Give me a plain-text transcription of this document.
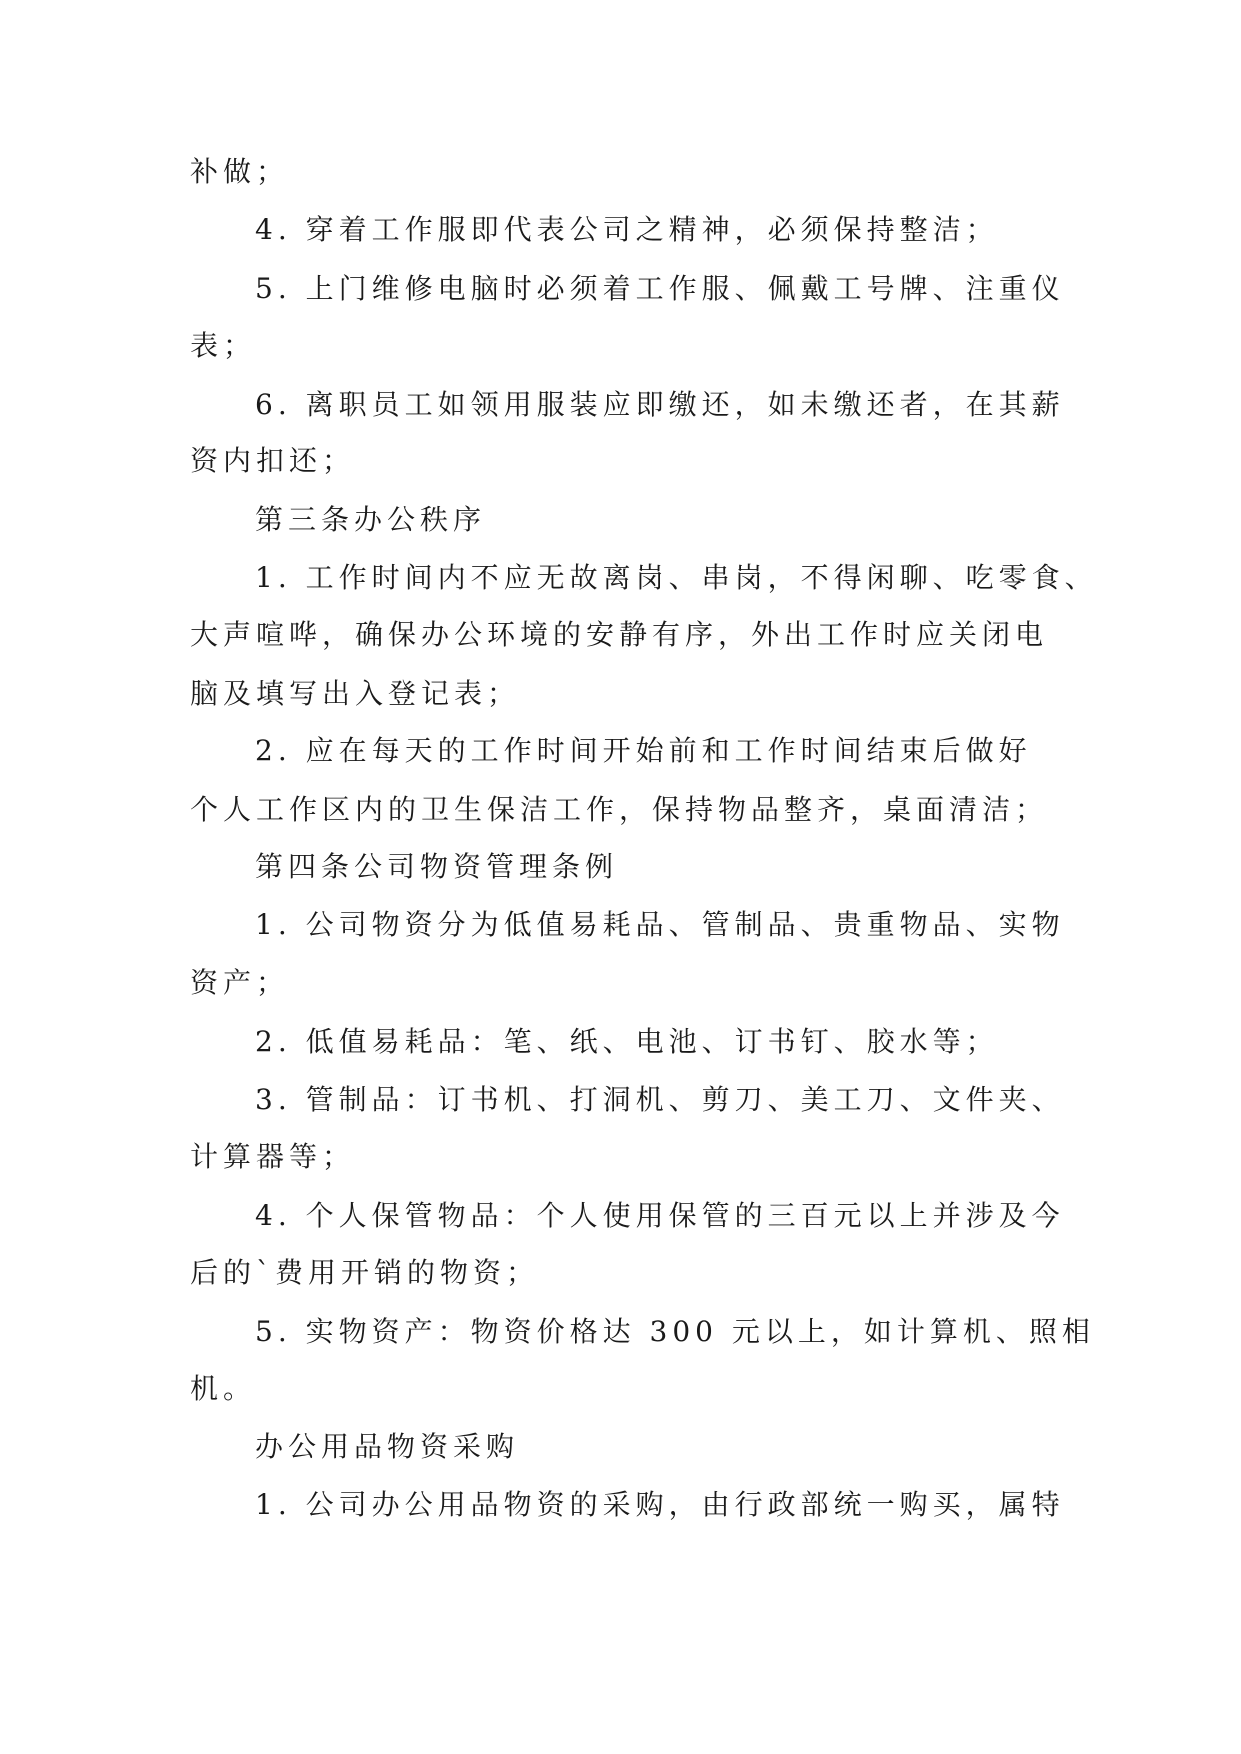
补做；
4. 穿着工作服即代表公司之精神，必须保持整洁；
5. 上门维修电脑时必须着工作服、佩戴工号牌、注重仪
表；
6. 离职员工如领用服装应即缴还，如未缴还者，在其薪
资内扣还；
第三条办公秩序
1. 工作时间内不应无故离岗、串岗，不得闲聊、吃零食、
大声喧哗，确保办公环境的安静有序，外出工作时应关闭电
脑及填写出入登记表；
2. 应在每天的工作时间开始前和工作时间结束后做好
个人工作区内的卫生保洁工作，保持物品整齐，桌面清洁；
第四条公司物资管理条例
1. 公司物资分为低值易耗品、管制品、贵重物品、实物
资产；
2. 低值易耗品：笔、纸、电池、订书钉、胶水等；
3. 管制品：订书机、打洞机、剪刀、美工刀、文件夹、
计算器等；
4. 个人保管物品：个人使用保管的三百元以上并涉及今
后的`费用开销的物资；
5. 实物资产：物资价格达 300 元以上，如计算机、照相
机。
办公用品物资采购
1. 公司办公用品物资的采购，由行政部统一购买，属特
